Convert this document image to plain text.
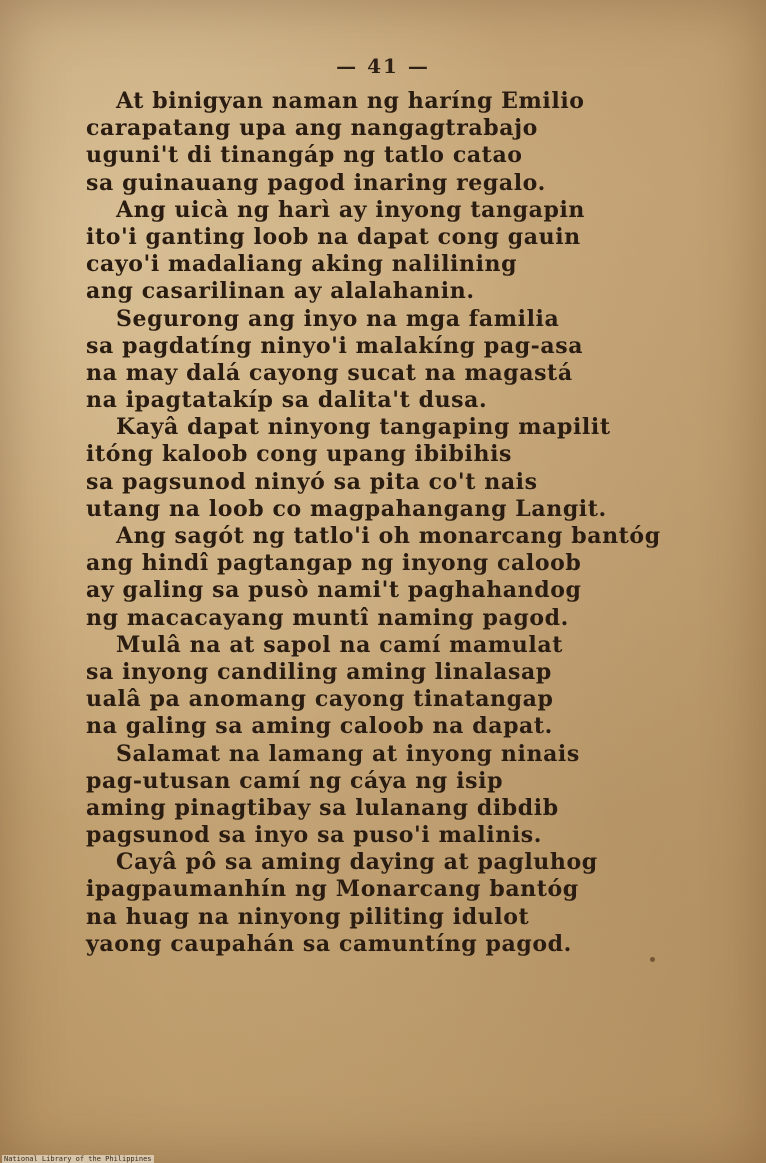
— 41 —
At binigyan naman ng haríng Emilio
carapatang upa ang nangagtrabajo
uguni't di tinangáp ng tatlo catao
sa guinauang pagod inaring regalo.
Ang uicà ng harì ay inyong tangapin
ito'i ganting loob na dapat cong gauin
cayo'i madaliang aking nalilining
ang casarilinan ay alalahanin.
Segurong ang inyo na mga familia
sa pagdatíng ninyo'i malakíng pag-asa
na may dalá cayong sucat na magastá
na ipagtatakíp sa dalita't dusa.
Kayâ dapat ninyong tangaping mapilit
itóng kaloob cong upang ibibihis
sa pagsunod ninyó sa pita co't nais
utang na loob co magpahangang Langit.
Ang sagót ng tatlo'i oh monarcang bantóg
ang hindî pagtangap ng inyong caloob
ay galing sa pusò nami't paghahandog
ng macacayang muntî naming pagod.
Mulâ na at sapol na camí mamulat
sa inyong candiling aming linalasap
ualâ pa anomang cayong tinatangap
na galing sa aming caloob na dapat.
Salamat na lamang at inyong ninais
pag-utusan camí ng cáya ng isip
aming pinagtibay sa lulanang dibdib
pagsunod sa inyo sa puso'i malinis.
Cayâ pô sa aming daying at pagluhog
ipagpaumanhín ng Monarcang bantóg
na huag na ninyong piliting idulot
yaong caupahán sa camuntíng pagod.
National Library of the Philippines
